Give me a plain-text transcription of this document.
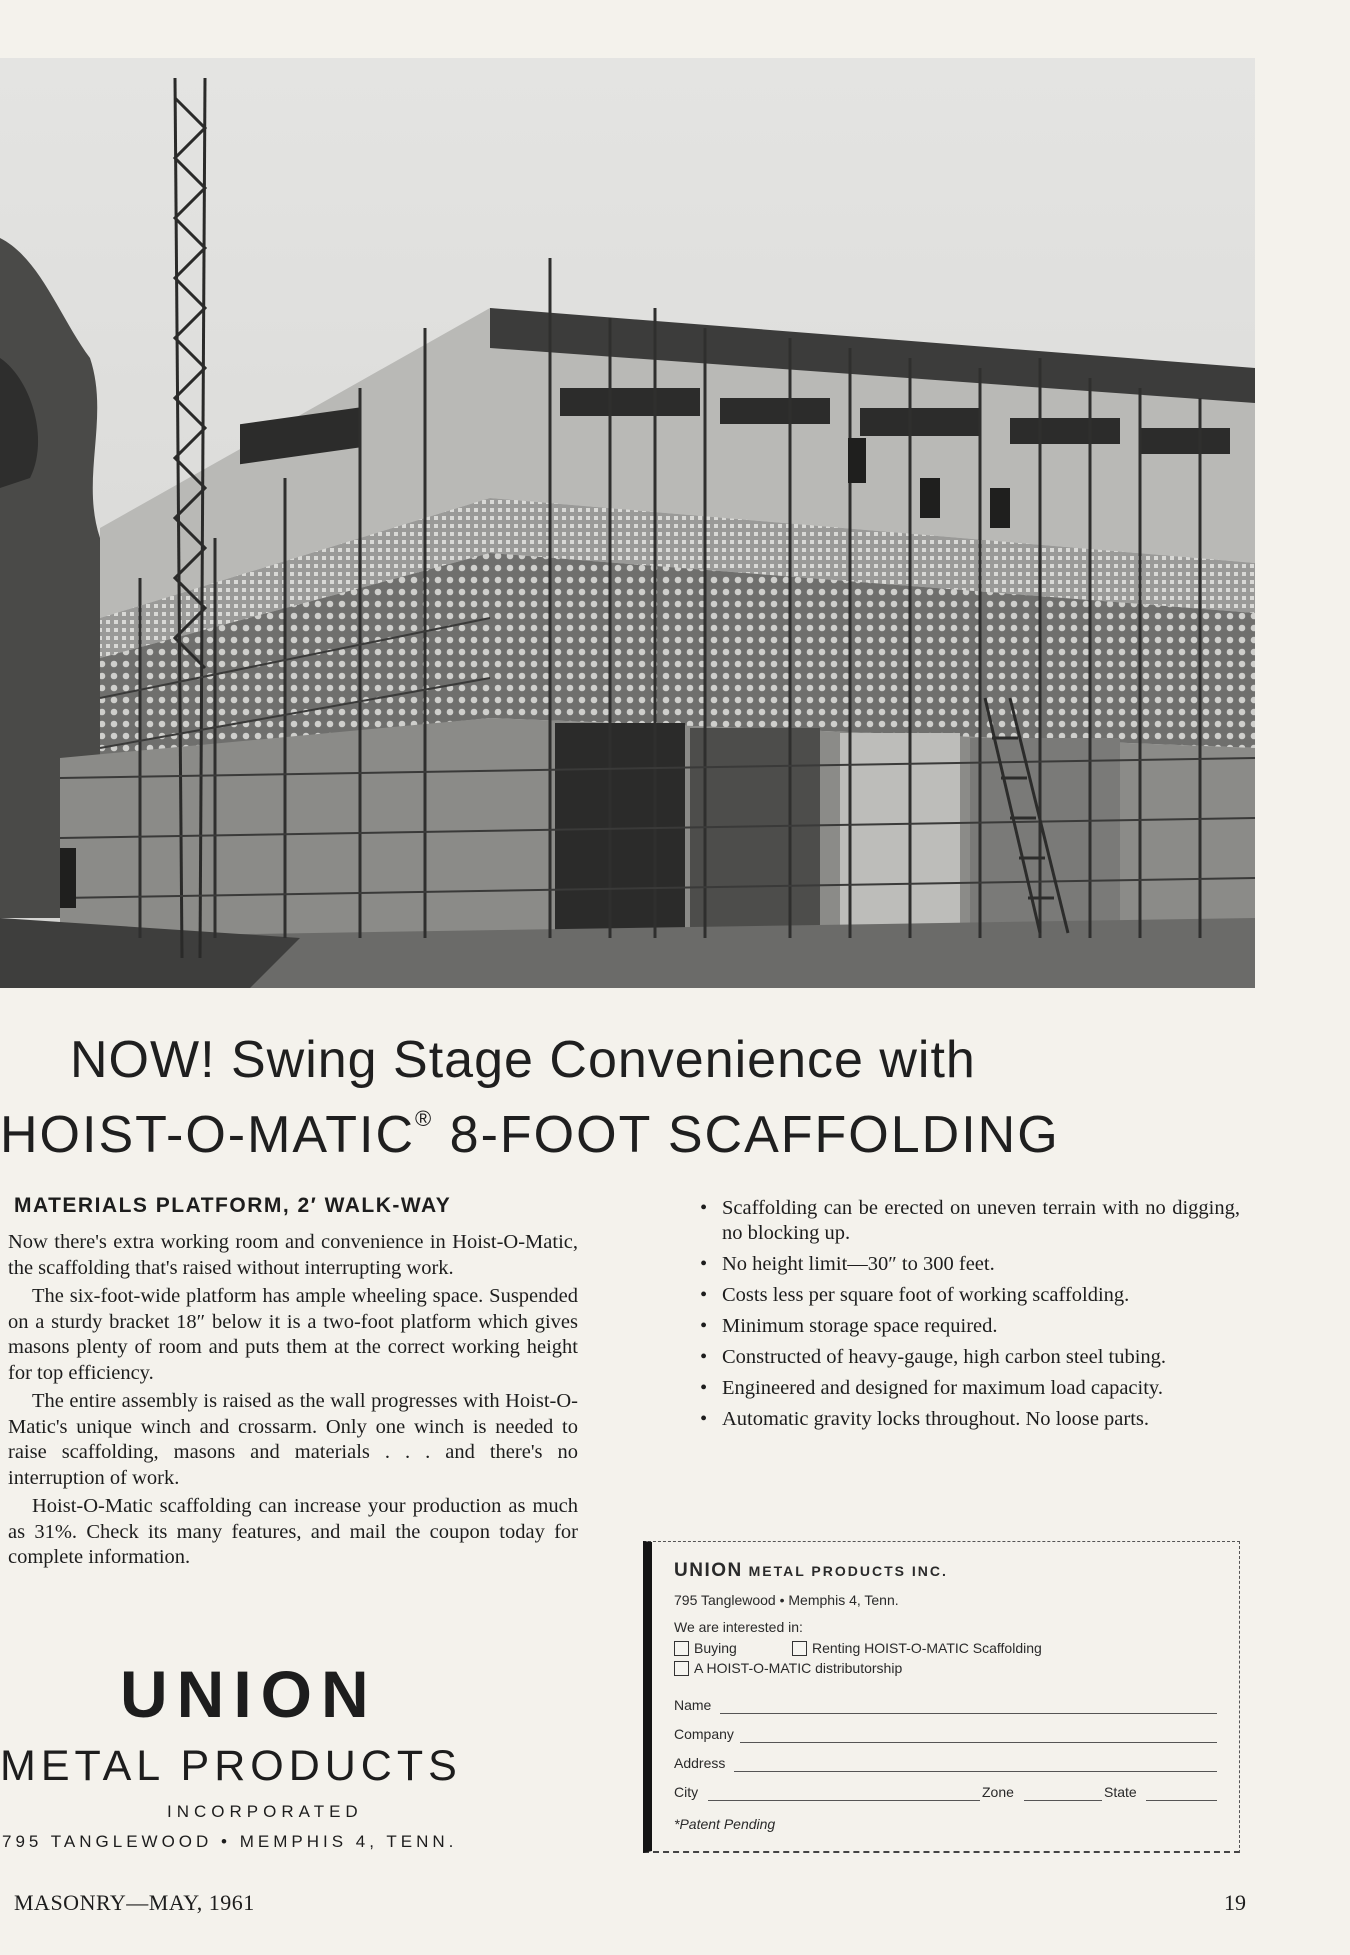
NOW! Swing Stage Convenience with
HOIST-O-MATIC® 8-FOOT SCAFFOLDING
MATERIALS PLATFORM, 2′ WALK-WAY

Now there's extra working room and convenience in Hoist-O-Matic, the scaffolding that's raised without interrupting work.

The six-foot-wide platform has ample wheeling space. Suspended on a sturdy bracket 18″ below it is a two-foot platform which gives masons plenty of room and puts them at the correct working height for top efficiency.

The entire assembly is raised as the wall progresses with Hoist-O-Matic's unique winch and crossarm. Only one winch is needed to raise scaffolding, masons and materials . . . and there's no interruption of work.

Hoist-O-Matic scaffolding can increase your production as much as 31%. Check its many features, and mail the coupon today for complete information.

UNION
METAL PRODUCTS
INCORPORATED
795 TANGLEWOOD • MEMPHIS 4, TENN.
• Scaffolding can be erected on uneven terrain with no digging, no blocking up.
• No height limit—30″ to 300 feet.
• Costs less per square foot of working scaffolding.
• Minimum storage space required.
• Constructed of heavy-gauge, high carbon steel tubing.
• Engineered and designed for maximum load capacity.
• Automatic gravity locks throughout. No loose parts.
UNION METAL PRODUCTS INC.
795 Tanglewood • Memphis 4, Tenn.
We are interested in:
Buying	Renting HOIST-O-MATIC Scaffolding
A HOIST-O-MATIC distributorship
Name
Company
Address
City	Zone	State
*Patent Pending
MASONRY—MAY, 1961	19
